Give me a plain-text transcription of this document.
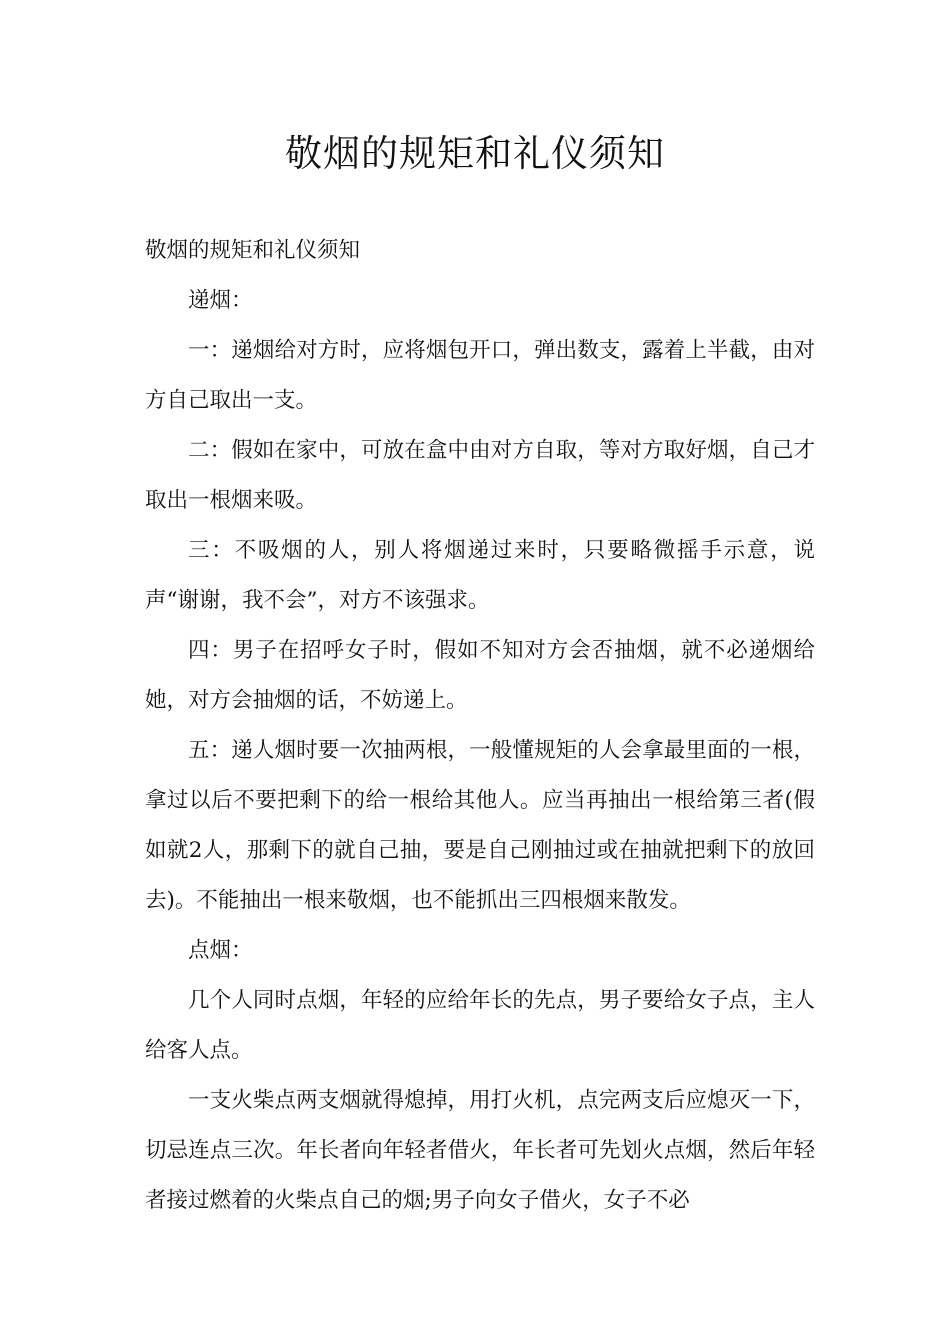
敬烟的规矩和礼仪须知

敬烟的规矩和礼仪须知

递烟：

一：递烟给对方时，应将烟包开口，弹出数支，露着上半截，由对方自己取出一支。

二：假如在家中，可放在盒中由对方自取，等对方取好烟，自己才取出一根烟来吸。

三：不吸烟的人，别人将烟递过来时，只要略微摇手示意，说声“谢谢，我不会”，对方不该强求。

四：男子在招呼女子时，假如不知对方会否抽烟，就不必递烟给她，对方会抽烟的话，不妨递上。

五：递人烟时要一次抽两根，一般懂规矩的人会拿最里面的一根，拿过以后不要把剩下的给一根给其他人。应当再抽出一根给第三者(假如就2人，那剩下的就自己抽，要是自己刚抽过或在抽就把剩下的放回去)。不能抽出一根来敬烟，也不能抓出三四根烟来散发。

点烟：

几个人同时点烟，年轻的应给年长的先点，男子要给女子点，主人给客人点。

一支火柴点两支烟就得熄掉，用打火机，点完两支后应熄灭一下，切忌连点三次。年长者向年轻者借火，年长者可先划火点烟，然后年轻者接过燃着的火柴点自己的烟;男子向女子借火，女子不必
